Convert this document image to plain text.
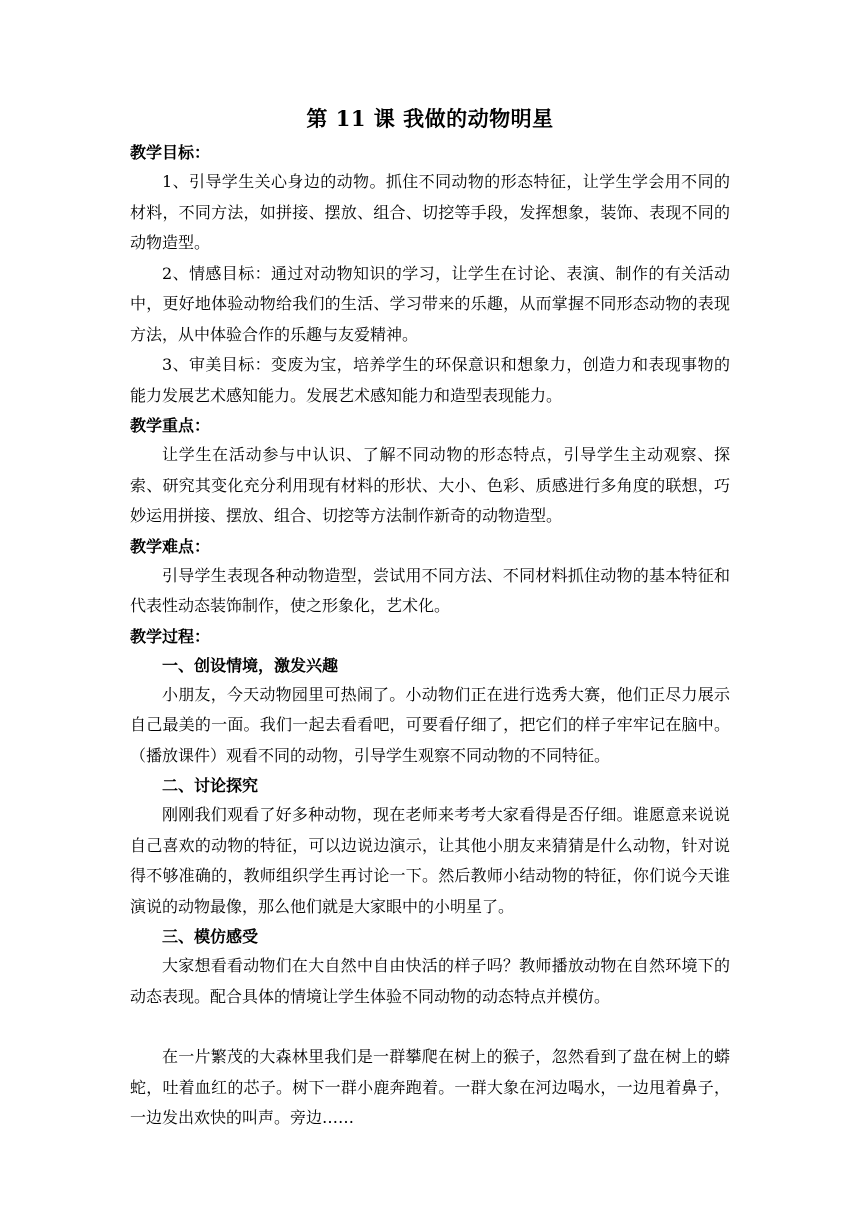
第 11 课 我做的动物明星

教学目标：

1、引导学生关心身边的动物。抓住不同动物的形态特征，让学生学会用不同的材料，不同方法，如拼接、摆放、组合、切挖等手段，发挥想象，装饰、表现不同的动物造型。

2、情感目标：通过对动物知识的学习，让学生在讨论、表演、制作的有关活动中，更好地体验动物给我们的生活、学习带来的乐趣，从而掌握不同形态动物的表现方法，从中体验合作的乐趣与友爱精神。

3、审美目标：变废为宝，培养学生的环保意识和想象力，创造力和表现事物的能力发展艺术感知能力。发展艺术感知能力和造型表现能力。

教学重点：

让学生在活动参与中认识、了解不同动物的形态特点，引导学生主动观察、探索、研究其变化充分利用现有材料的形状、大小、色彩、质感进行多角度的联想，巧妙运用拼接、摆放、组合、切挖等方法制作新奇的动物造型。

教学难点：

引导学生表现各种动物造型，尝试用不同方法、不同材料抓住动物的基本特征和代表性动态装饰制作，使之形象化，艺术化。

教学过程：

一、创设情境，激发兴趣

小朋友，今天动物园里可热闹了。小动物们正在进行选秀大赛，他们正尽力展示自己最美的一面。我们一起去看看吧，可要看仔细了，把它们的样子牢牢记在脑中。（播放课件）观看不同的动物，引导学生观察不同动物的不同特征。

二、讨论探究

刚刚我们观看了好多种动物，现在老师来考考大家看得是否仔细。谁愿意来说说自己喜欢的动物的特征，可以边说边演示，让其他小朋友来猜猜是什么动物，针对说得不够准确的，教师组织学生再讨论一下。然后教师小结动物的特征，你们说今天谁演说的动物最像，那么他们就是大家眼中的小明星了。

三、模仿感受

大家想看看动物们在大自然中自由快活的样子吗？教师播放动物在自然环境下的动态表现。配合具体的情境让学生体验不同动物的动态特点并模仿。

在一片繁茂的大森林里我们是一群攀爬在树上的猴子，忽然看到了盘在树上的蟒蛇，吐着血红的芯子。树下一群小鹿奔跑着。一群大象在河边喝水，一边甩着鼻子，一边发出欢快的叫声。旁边……
